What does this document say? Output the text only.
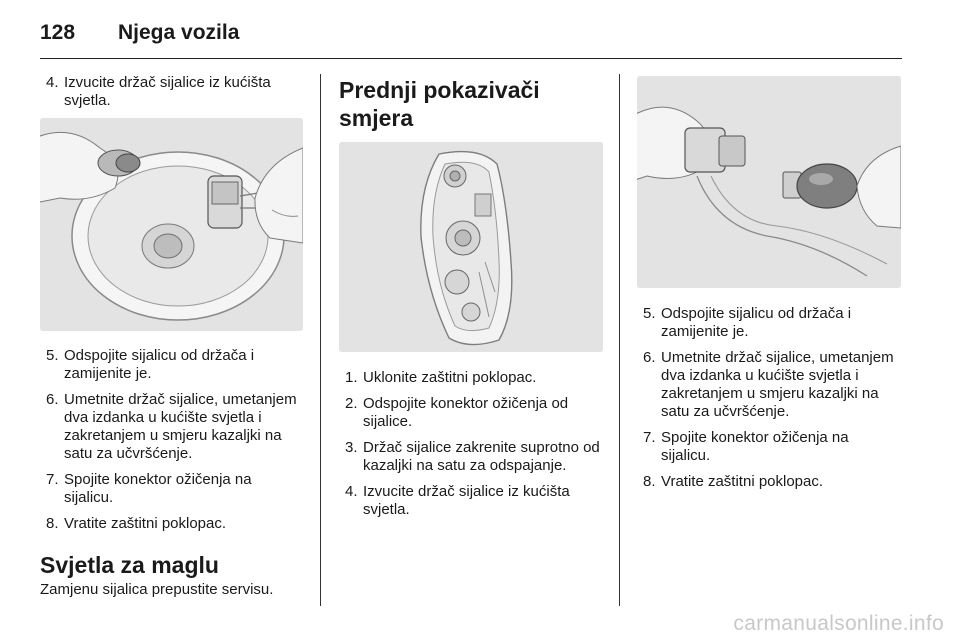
128 Njega vozila
4. Izvucite držač sijalice iz kućišta svjetla.
5. Odspojite sijalicu od držača i zamijenite je.
6. Umetnite držač sijalice, umetanjem dva izdanka u kućište svjetla i zakretanjem u smjeru kazaljki na satu za učvršćenje.
7. Spojite konektor ožičenja na sijalicu.
8. Vratite zaštitni poklopac.
Svjetla za maglu
Zamjenu sijalica prepustite servisu.
Prednji pokazivači smjera
1. Uklonite zaštitni poklopac.
2. Odspojite konektor ožičenja od sijalice.
3. Držač sijalice zakrenite suprotno od kazaljki na satu za odspajanje.
4. Izvucite držač sijalice iz kućišta svjetla.
5. Odspojite sijalicu od držača i zamijenite je.
6. Umetnite držač sijalice, umetanjem dva izdanka u kućište svjetla i zakretanjem u smjeru kazaljki na satu za učvršćenje.
7. Spojite konektor ožičenja na sijalicu.
8. Vratite zaštitni poklopac.
carmanualsonline.info
